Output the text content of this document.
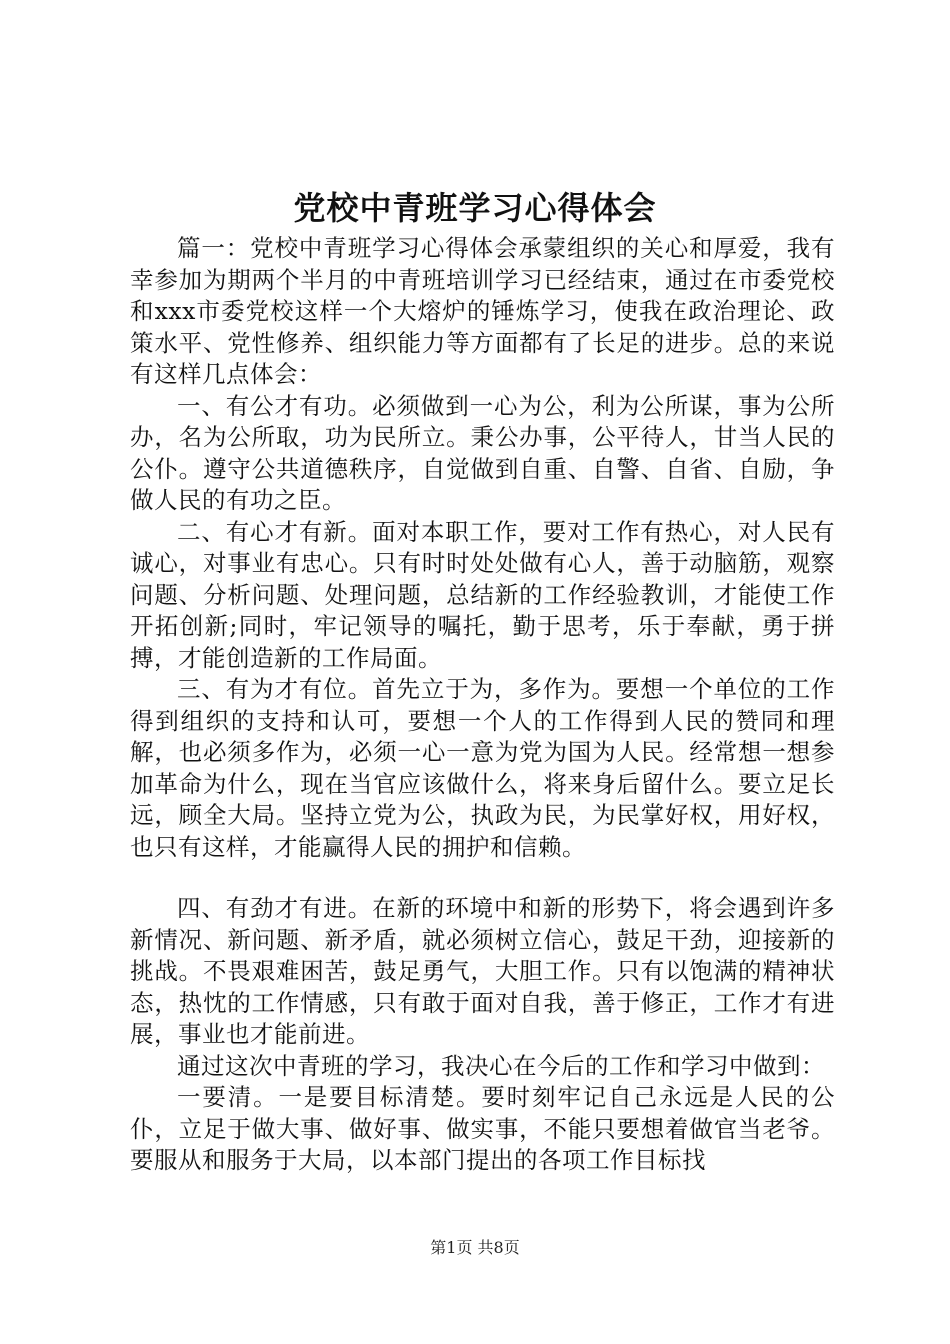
党校中青班学习心得体会

篇一：党校中青班学习心得体会承蒙组织的关心和厚爱，我有幸参加为期两个半月的中青班培训学习已经结束，通过在市委党校和xxx市委党校这样一个大熔炉的锤炼学习，使我在政治理论、政策水平、党性修养、组织能力等方面都有了长足的进步。总的来说有这样几点体会：

一、有公才有功。必须做到一心为公，利为公所谋，事为公所办，名为公所取，功为民所立。秉公办事，公平待人，甘当人民的公仆。遵守公共道德秩序，自觉做到自重、自警、自省、自励，争做人民的有功之臣。

二、有心才有新。面对本职工作，要对工作有热心，对人民有诚心，对事业有忠心。只有时时处处做有心人，善于动脑筋，观察问题、分析问题、处理问题，总结新的工作经验教训，才能使工作开拓创新;同时，牢记领导的嘱托，勤于思考，乐于奉献，勇于拼搏，才能创造新的工作局面。

三、有为才有位。首先立于为，多作为。要想一个单位的工作得到组织的支持和认可，要想一个人的工作得到人民的赞同和理解，也必须多作为，必须一心一意为党为国为人民。经常想一想参加革命为什么，现在当官应该做什么，将来身后留什么。要立足长远，顾全大局。坚持立党为公，执政为民，为民掌好权，用好权，也只有这样，才能赢得人民的拥护和信赖。

四、有劲才有进。在新的环境中和新的形势下，将会遇到许多新情况、新问题、新矛盾，就必须树立信心，鼓足干劲，迎接新的挑战。不畏艰难困苦，鼓足勇气，大胆工作。只有以饱满的精神状态，热忱的工作情感，只有敢于面对自我，善于修正，工作才有进展，事业也才能前进。

通过这次中青班的学习，我决心在今后的工作和学习中做到：

一要清。一是要目标清楚。要时刻牢记自己永远是人民的公仆，立足于做大事、做好事、做实事，不能只要想着做官当老爷。要服从和服务于大局，以本部门提出的各项工作目标找

第1页 共8页
